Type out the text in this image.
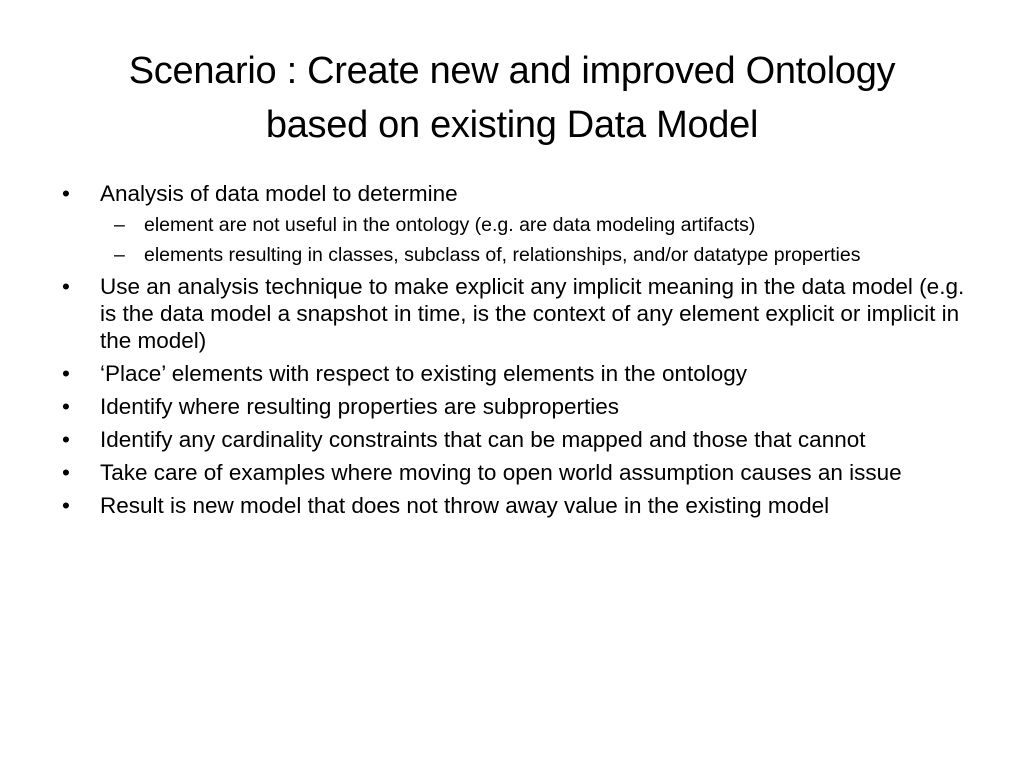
Scenario : Create new and improved Ontology
based on existing Data Model
•	Analysis of data model to determine
– element are not useful in the ontology (e.g. are data modeling artifacts)
– elements resulting in classes, subclass of, relationships, and/or datatype properties
•	Use an analysis technique to make explicit any implicit meaning in the data model (e.g. is the data model a snapshot in time, is the context of any element explicit or implicit in the model)
•	‘Place’ elements with respect to existing elements in the ontology
•	Identify where resulting properties are subproperties
•	Identify any cardinality constraints that can be mapped and those that cannot
•	Take care of examples where moving to open world assumption causes an issue
•	Result is new model that does not throw away value in the existing model
